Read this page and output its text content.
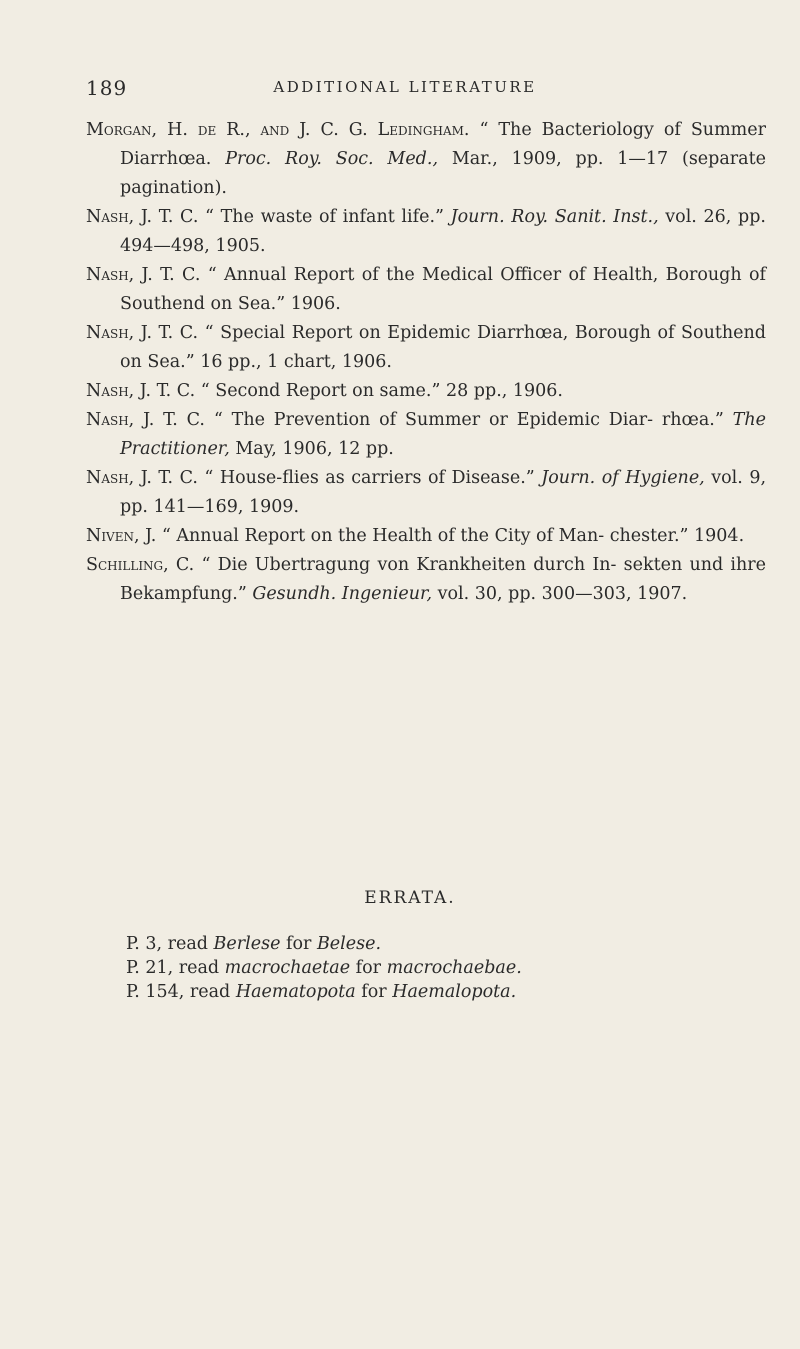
189	ADDITIONAL LITERATURE
Morgan, H. de R., and J. C. G. Ledingham. “ The Bacteriology of Summer Diarrhœa. Proc. Roy. Soc. Med., Mar., 1909, pp. 1—17 (separate pagination).
Nash, J. T. C. “ The waste of infant life.” Journ. Roy. Sanit. Inst., vol. 26, pp. 494—498, 1905.
Nash, J. T. C. “ Annual Report of the Medical Officer of Health, Borough of Southend on Sea.” 1906.
Nash, J. T. C. “ Special Report on Epidemic Diarrhœa, Borough of Southend on Sea.” 16 pp., 1 chart, 1906.
Nash, J. T. C. “ Second Report on same.” 28 pp., 1906.
Nash, J. T. C. “ The Prevention of Summer or Epidemic Diar- rhœa.” The Practitioner, May, 1906, 12 pp.
Nash, J. T. C. “ House-flies as carriers of Disease.” Journ. of Hygiene, vol. 9, pp. 141—169, 1909.
Niven, J. “ Annual Report on the Health of the City of Man- chester.” 1904.
Schilling, C. “ Die Ubertragung von Krankheiten durch In- sekten und ihre Bekampfung.” Gesundh. Ingenieur, vol. 30, pp. 300—303, 1907.
ERRATA.
P. 3, read Berlese for Belese.
P. 21, read macrochaetae for macrochaebae.
P. 154, read Haematopota for Haemalopota.
